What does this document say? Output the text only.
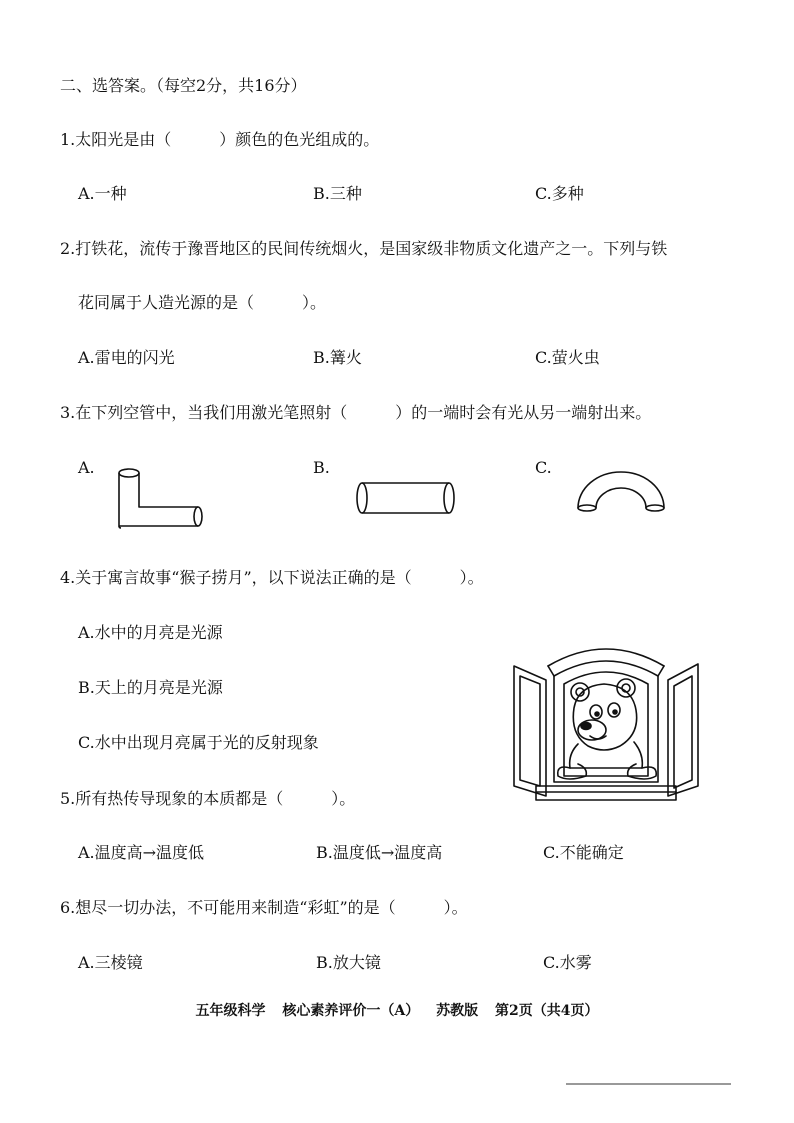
二、选答案。（每空2分，共16分）
1.太阳光是由（　　　）颜色的色光组成的。
A.一种	B.三种	C.多种
2.打铁花，流传于豫晋地区的民间传统烟火，是国家级非物质文化遗产之一。下列与铁
花同属于人造光源的是（　　　）。
A.雷电的闪光	B.篝火	C.萤火虫
3.在下列空管中，当我们用激光笔照射（　　　）的一端时会有光从另一端射出来。
A.	B.	C.
4.关于寓言故事“猴子捞月”，以下说法正确的是（　　　）。
A.水中的月亮是光源
B.天上的月亮是光源
C.水中出现月亮属于光的反射现象
5.所有热传导现象的本质都是（　　　）。
A.温度高→温度低	B.温度低→温度高	C.不能确定
6.想尽一切办法，不可能用来制造“彩虹”的是（　　　）。
A.三棱镜	B.放大镜	C.水雾
五年级科学 核心素养评价一（A） 苏教版 第2页（共4页）
